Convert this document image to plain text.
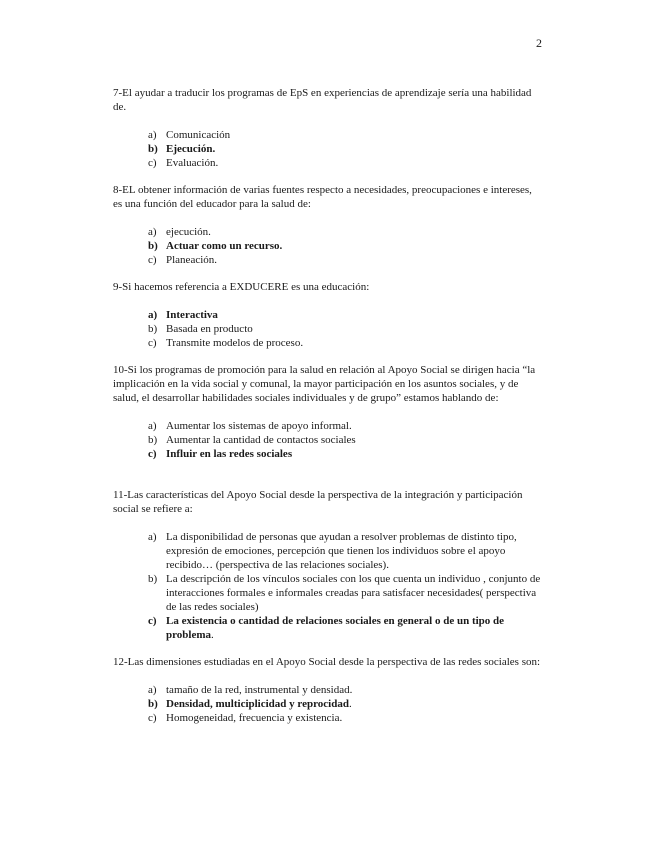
2

7-El ayudar a traducir los programas de EpS en experiencias de aprendizaje sería una habilidad de.

a) Comunicación
b) Ejecución.
c) Evaluación.

8-EL obtener información de varias fuentes respecto a necesidades, preocupaciones e intereses, es una función del educador para la salud de:

a) ejecución.
b) Actuar como un recurso.
c) Planeación.

9-Si hacemos referencia a EXDUCERE es una educación:

a) Interactiva
b) Basada en producto
c) Transmite modelos de proceso.

10-Si los programas de promoción para la salud en relación al Apoyo Social se dirigen hacia “la implicación en la vida social y comunal, la mayor participación en los asuntos sociales, y de salud, el desarrollar habilidades sociales individuales y de grupo” estamos hablando de:

a) Aumentar los sistemas de apoyo informal.
b) Aumentar la cantidad de contactos sociales
c) Influir en las redes sociales

11-Las características del Apoyo Social desde la perspectiva de la integración y participación social se refiere a:

a) La disponibilidad de personas que ayudan a resolver problemas de distinto tipo, expresión de emociones, percepción que tienen los individuos sobre el apoyo recibido… (perspectiva de las relaciones sociales).
b) La descripción de los vínculos sociales con los que cuenta un individuo , conjunto de interacciones formales e informales creadas para satisfacer necesidades( perspectiva de las redes sociales)
c) La existencia o cantidad de relaciones sociales en general o de un tipo de problema.

12-Las dimensiones estudiadas en el Apoyo Social desde la perspectiva de las redes sociales son:

a) tamaño de la red, instrumental y densidad.
b) Densidad, multiciplicidad y reprocidad.
c) Homogeneidad, frecuencia y existencia.
